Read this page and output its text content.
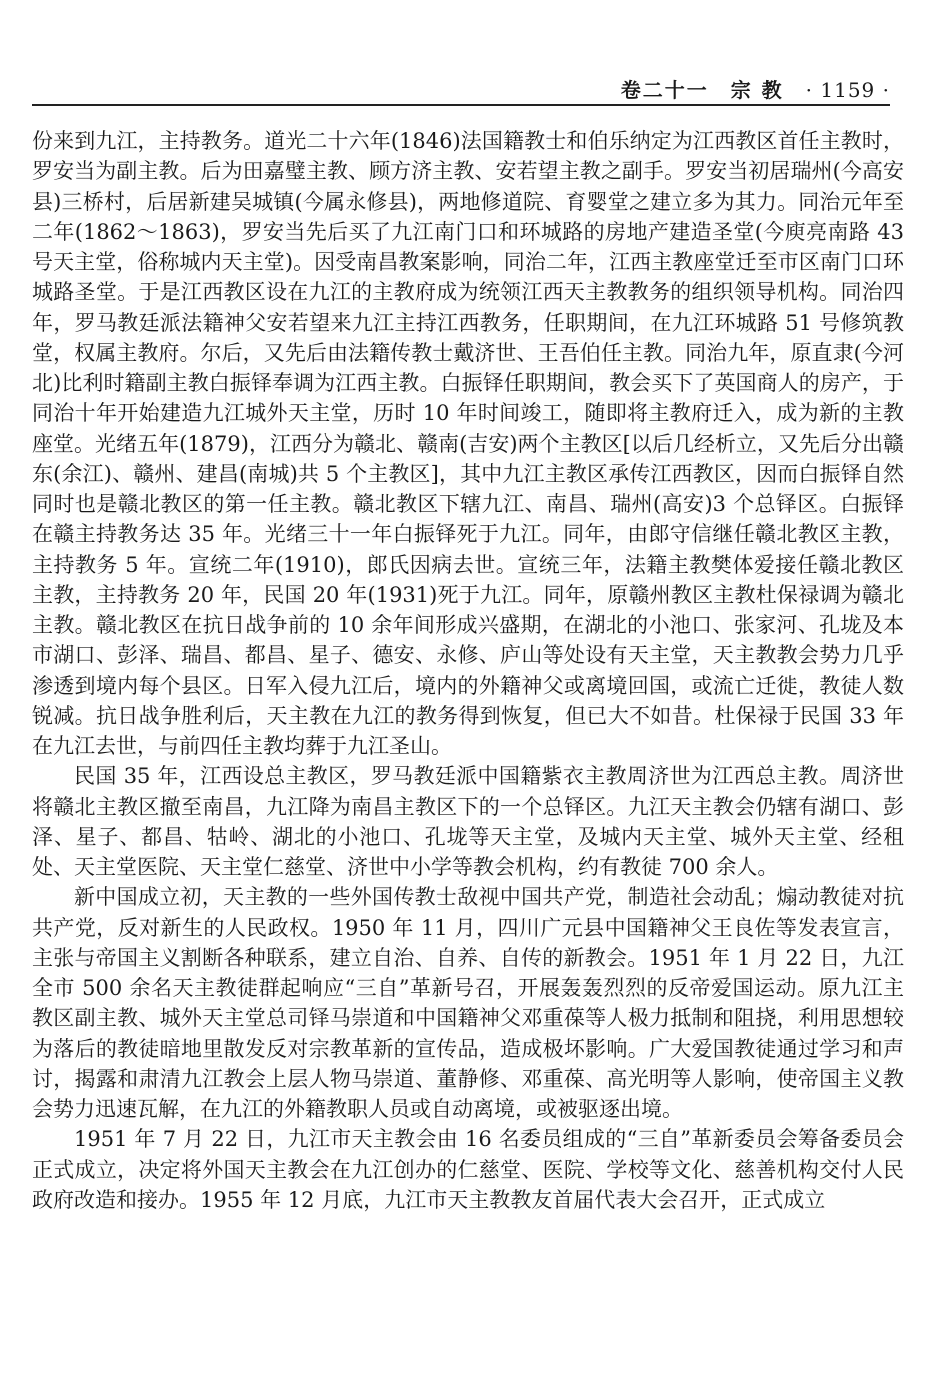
卷二十一 宗 教 · 1159 ·

份来到九江，主持教务。道光二十六年(1846)法国籍教士和伯乐纳定为江西教区首任主教时，罗安当为副主教。后为田嘉璧主教、顾方济主教、安若望主教之副手。罗安当初居瑞州(今高安县)三桥村，后居新建吴城镇(今属永修县)，两地修道院、育婴堂之建立多为其力。同治元年至二年(1862～1863)，罗安当先后买了九江南门口和环城路的房地产建造圣堂(今庾亮南路 43 号天主堂，俗称城内天主堂)。因受南昌教案影响，同治二年，江西主教座堂迁至市区南门口环城路圣堂。于是江西教区设在九江的主教府成为统领江西天主教教务的组织领导机构。同治四年，罗马教廷派法籍神父安若望来九江主持江西教务，任职期间，在九江环城路 51 号修筑教堂，权属主教府。尔后，又先后由法籍传教士戴济世、王吾伯任主教。同治九年，原直隶(今河北)比利时籍副主教白振铎奉调为江西主教。白振铎任职期间，教会买下了英国商人的房产，于同治十年开始建造九江城外天主堂，历时 10 年时间竣工，随即将主教府迁入，成为新的主教座堂。光绪五年(1879)，江西分为赣北、赣南(吉安)两个主教区[以后几经析立，又先后分出赣东(余江)、赣州、建昌(南城)共 5 个主教区]，其中九江主教区承传江西教区，因而白振铎自然同时也是赣北教区的第一任主教。赣北教区下辖九江、南昌、瑞州(高安)3 个总铎区。白振铎在赣主持教务达 35 年。光绪三十一年白振铎死于九江。同年，由郎守信继任赣北教区主教，主持教务 5 年。宣统二年(1910)，郎氏因病去世。宣统三年，法籍主教樊体爱接任赣北教区主教，主持教务 20 年，民国 20 年(1931)死于九江。同年，原赣州教区主教杜保禄调为赣北主教。赣北教区在抗日战争前的 10 余年间形成兴盛期，在湖北的小池口、张家河、孔垅及本市湖口、彭泽、瑞昌、都昌、星子、德安、永修、庐山等处设有天主堂，天主教教会势力几乎渗透到境内每个县区。日军入侵九江后，境内的外籍神父或离境回国，或流亡迁徙，教徒人数锐减。抗日战争胜利后，天主教在九江的教务得到恢复，但已大不如昔。杜保禄于民国 33 年在九江去世，与前四任主教均葬于九江圣山。

民国 35 年，江西设总主教区，罗马教廷派中国籍紫衣主教周济世为江西总主教。周济世将赣北主教区撤至南昌，九江降为南昌主教区下的一个总铎区。九江天主教会仍辖有湖口、彭泽、星子、都昌、牯岭、湖北的小池口、孔垅等天主堂，及城内天主堂、城外天主堂、经租处、天主堂医院、天主堂仁慈堂、济世中小学等教会机构，约有教徒 700 余人。

新中国成立初，天主教的一些外国传教士敌视中国共产党，制造社会动乱；煽动教徒对抗共产党，反对新生的人民政权。1950 年 11 月，四川广元县中国籍神父王良佐等发表宣言，主张与帝国主义割断各种联系，建立自治、自养、自传的新教会。1951 年 1 月 22 日，九江全市 500 余名天主教徒群起响应“三自”革新号召，开展轰轰烈烈的反帝爱国运动。原九江主教区副主教、城外天主堂总司铎马崇道和中国籍神父邓重葆等人极力抵制和阻挠，利用思想较为落后的教徒暗地里散发反对宗教革新的宣传品，造成极坏影响。广大爱国教徒通过学习和声讨，揭露和肃清九江教会上层人物马崇道、董静修、邓重葆、高光明等人影响，使帝国主义教会势力迅速瓦解，在九江的外籍教职人员或自动离境，或被驱逐出境。

1951 年 7 月 22 日，九江市天主教会由 16 名委员组成的“三自”革新委员会筹备委员会正式成立，决定将外国天主教会在九江创办的仁慈堂、医院、学校等文化、慈善机构交付人民政府改造和接办。1955 年 12 月底，九江市天主教教友首届代表大会召开，正式成立
